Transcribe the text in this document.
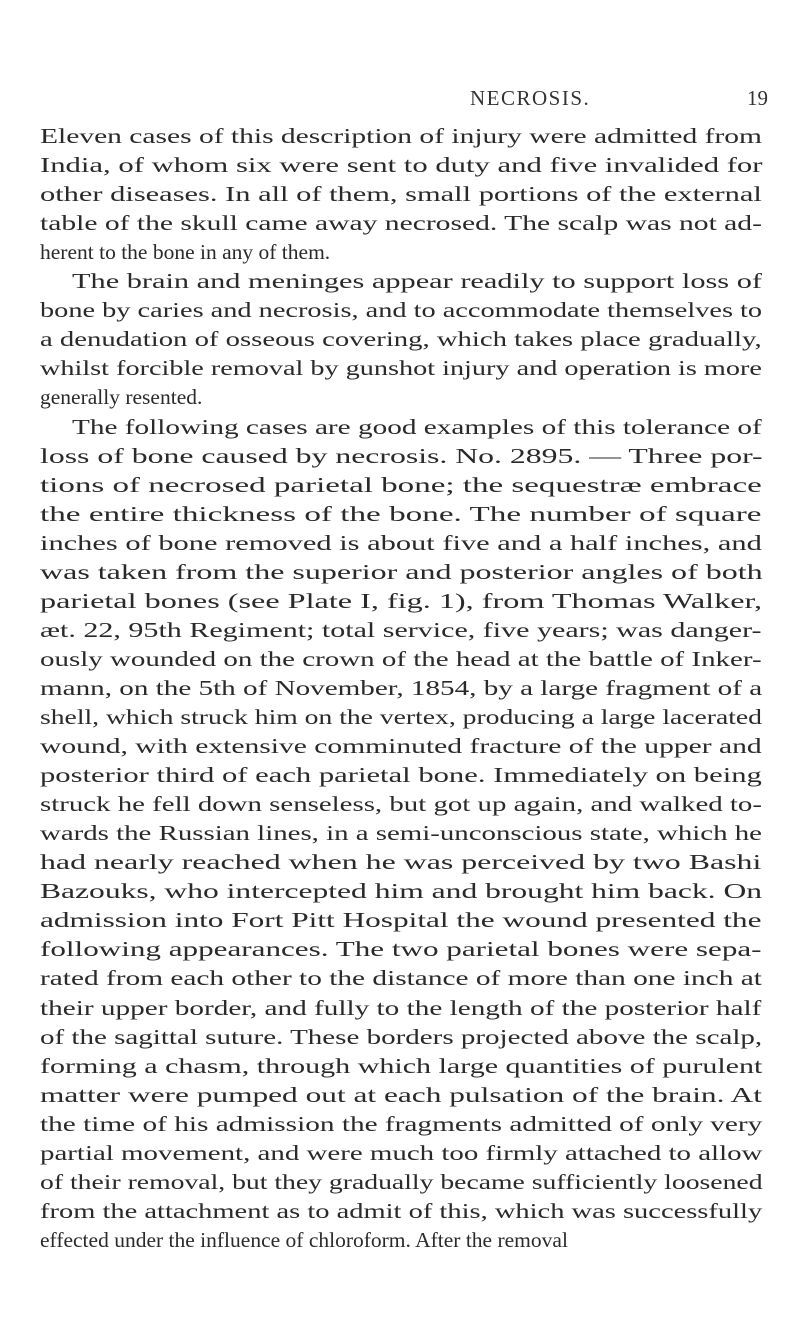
NECROSIS.	19
Eleven cases of this description of injury were admitted from
India, of whom six were sent to duty and five invalided for
other diseases. In all of them, small portions of the external
table of the skull came away necrosed. The scalp was not ad-
herent to the bone in any of them.
The brain and meninges appear readily to support loss of
bone by caries and necrosis, and to accommodate themselves to
a denudation of osseous covering, which takes place gradually,
whilst forcible removal by gunshot injury and operation is more
generally resented.
The following cases are good examples of this tolerance of
loss of bone caused by necrosis. No. 2895. — Three por-
tions of necrosed parietal bone; the sequestræ embrace
the entire thickness of the bone. The number of square
inches of bone removed is about five and a half inches, and
was taken from the superior and posterior angles of both
parietal bones (see Plate I, fig. 1), from Thomas Walker,
æt. 22, 95th Regiment; total service, five years; was danger-
ously wounded on the crown of the head at the battle of Inker-
mann, on the 5th of November, 1854, by a large fragment of a
shell, which struck him on the vertex, producing a large lacerated
wound, with extensive comminuted fracture of the upper and
posterior third of each parietal bone. Immediately on being
struck he fell down senseless, but got up again, and walked to-
wards the Russian lines, in a semi-unconscious state, which he
had nearly reached when he was perceived by two Bashi
Bazouks, who intercepted him and brought him back. On
admission into Fort Pitt Hospital the wound presented the
following appearances. The two parietal bones were sepa-
rated from each other to the distance of more than one inch at
their upper border, and fully to the length of the posterior half
of the sagittal suture. These borders projected above the scalp,
forming a chasm, through which large quantities of purulent
matter were pumped out at each pulsation of the brain. At
the time of his admission the fragments admitted of only very
partial movement, and were much too firmly attached to allow
of their removal, but they gradually became sufficiently loosened
from the attachment as to admit of this, which was successfully
effected under the influence of chloroform. After the removal
